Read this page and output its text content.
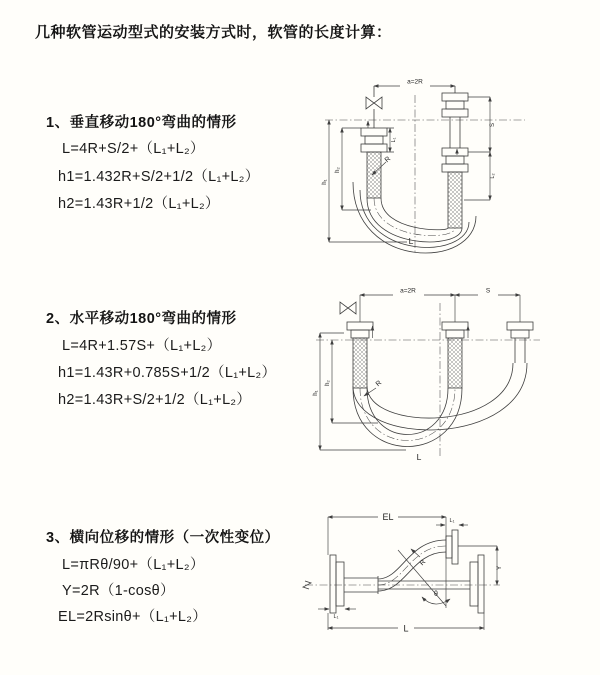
几种软管运动型式的安装方式时，软管的长度计算：
1、垂直移动180°弯曲的情形
L=4R+S/2+（L₁+L₂）
h1=1.432R+S/2+1/2（L₁+L₂）
h2=1.43R+1/2（L₁+L₂）
a=2R
h₁
h₂
S
L₂
L₁
R
L
2、水平移动180°弯曲的情形
L=4R+1.57S+（L₁+L₂）
h1=1.43R+0.785S+1/2（L₁+L₂）
h2=1.43R+S/2+1/2（L₁+L₂）
a=2R	S
h₁
h₂	R
L
3、横向位移的情形（一次性变位）
L=πRθ/90+（L₁+L₂）
Y=2R（1-cosθ）
EL=2Rsinθ+（L₁+L₂）
EL	L₁
R
θ
Y
L
L₁
